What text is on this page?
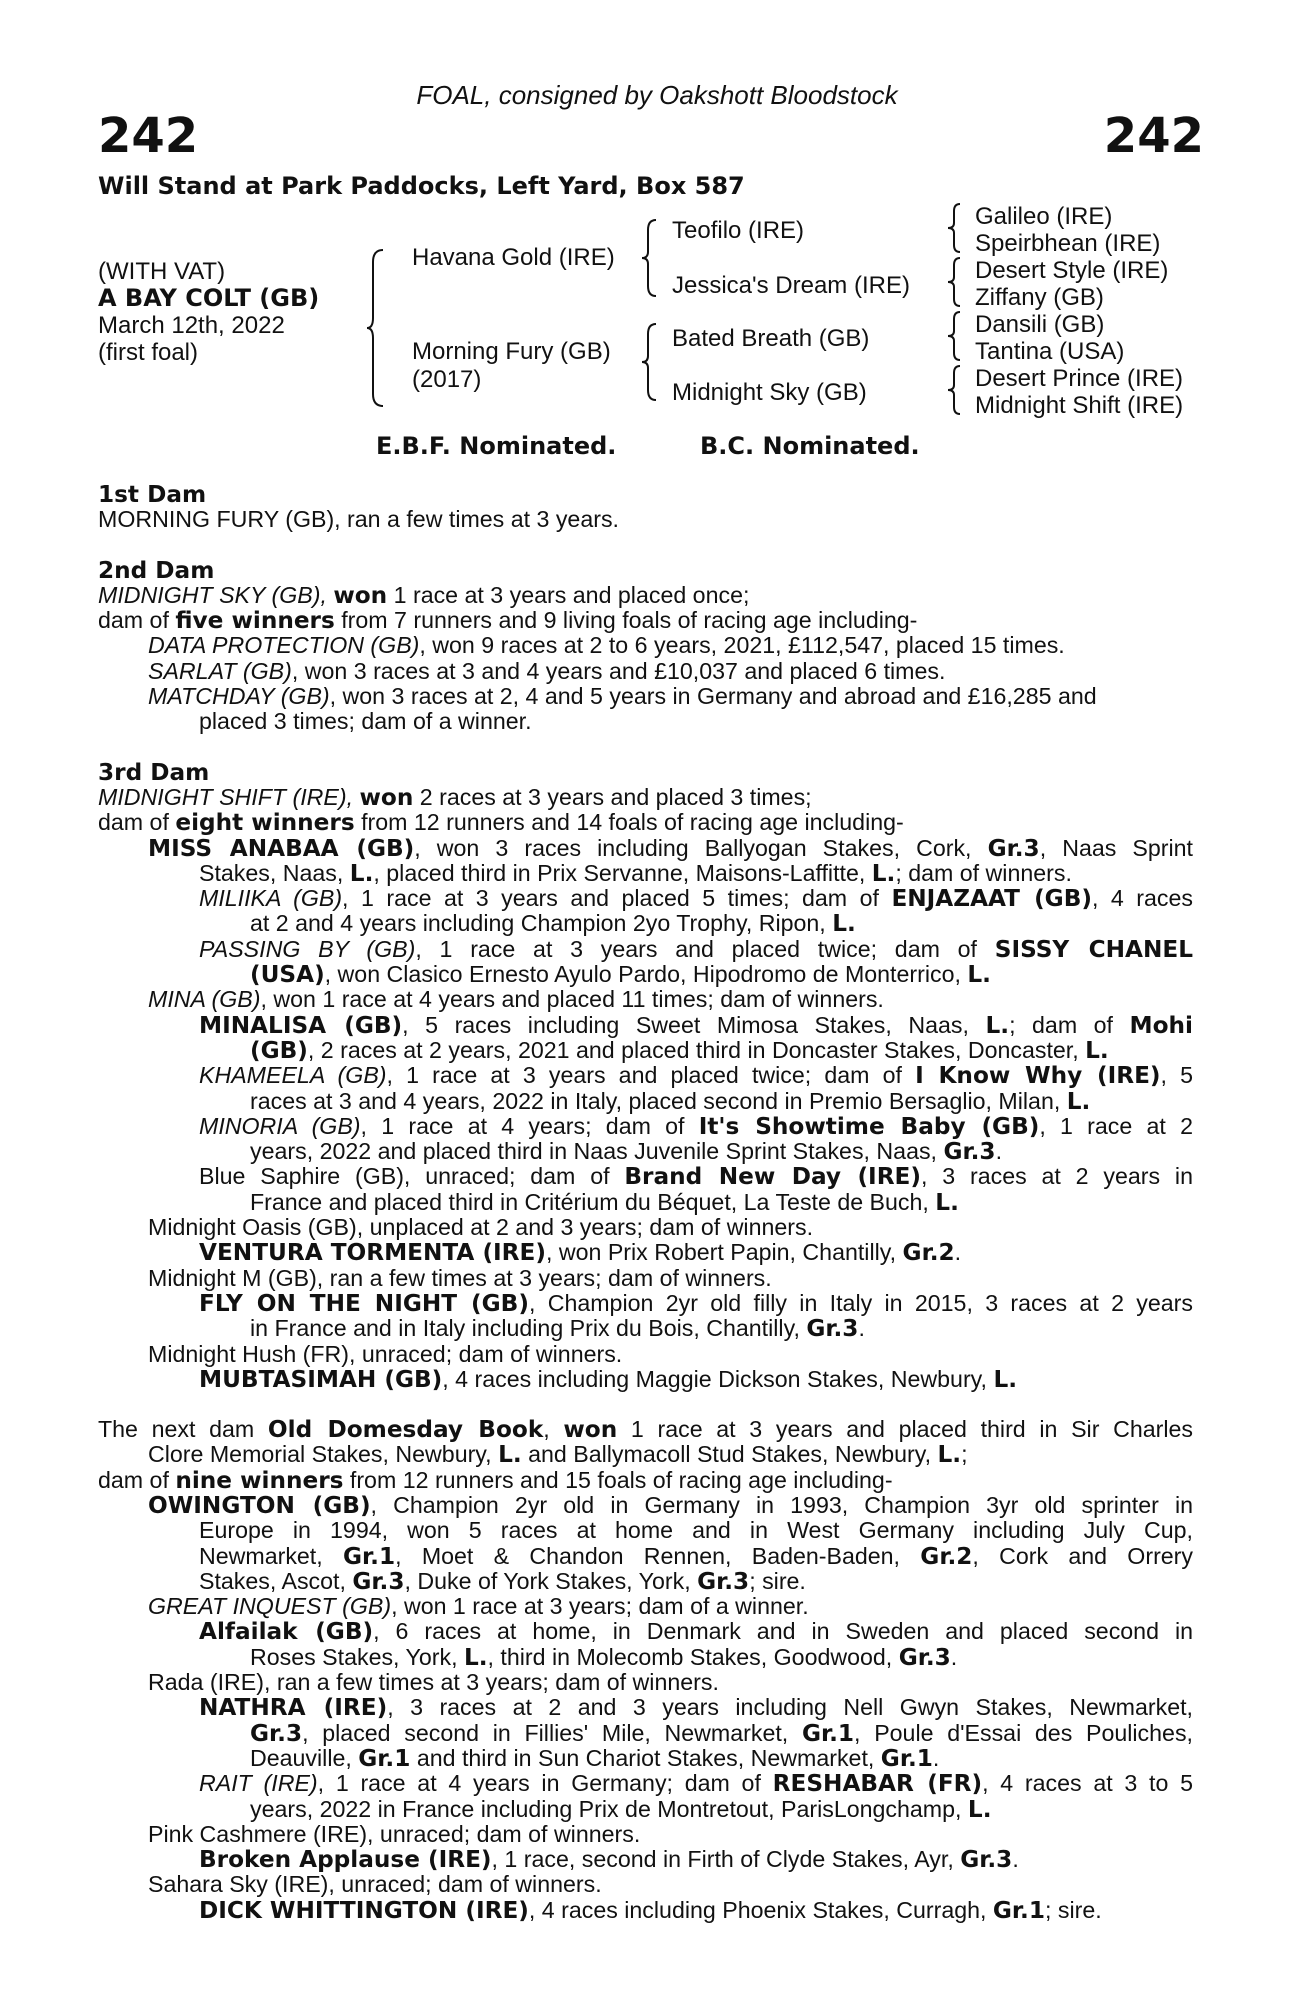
FOAL, consigned by Oakshott Bloodstock
242	242
Will Stand at Park Paddocks, Left Yard, Box 587
(WITH VAT)
A BAY COLT (GB)
March 12th, 2022
(first foal)
Havana Gold (IRE)
Morning Fury (GB)
(2017)
Teofilo (IRE)
Jessica's Dream (IRE)
Bated Breath (GB)
Midnight Sky (GB)
Galileo (IRE)
Speirbhean (IRE)
Desert Style (IRE)
Ziffany (GB)
Dansili (GB)
Tantina (USA)
Desert Prince (IRE)
Midnight Shift (IRE)
E.B.F. Nominated.	B.C. Nominated.
1st Dam
MORNING FURY (GB), ran a few times at 3 years.
2nd Dam
MIDNIGHT SKY (GB), won 1 race at 3 years and placed once;
dam of five winners from 7 runners and 9 living foals of racing age including-
DATA PROTECTION (GB), won 9 races at 2 to 6 years, 2021, £112,547, placed 15 times.
SARLAT (GB), won 3 races at 3 and 4 years and £10,037 and placed 6 times.
MATCHDAY (GB), won 3 races at 2, 4 and 5 years in Germany and abroad and £16,285 and
placed 3 times; dam of a winner.
3rd Dam
MIDNIGHT SHIFT (IRE), won 2 races at 3 years and placed 3 times;
dam of eight winners from 12 runners and 14 foals of racing age including-
MISS ANABAA (GB), won 3 races including Ballyogan Stakes, Cork, Gr.3, Naas Sprint
Stakes, Naas, L., placed third in Prix Servanne, Maisons-Laffitte, L.; dam of winners.
MILIIKA (GB), 1 race at 3 years and placed 5 times; dam of ENJAZAAT (GB), 4 races
at 2 and 4 years including Champion 2yo Trophy, Ripon, L.
PASSING BY (GB), 1 race at 3 years and placed twice; dam of SISSY CHANEL
(USA), won Clasico Ernesto Ayulo Pardo, Hipodromo de Monterrico, L.
MINA (GB), won 1 race at 4 years and placed 11 times; dam of winners.
MINALISA (GB), 5 races including Sweet Mimosa Stakes, Naas, L.; dam of Mohi
(GB), 2 races at 2 years, 2021 and placed third in Doncaster Stakes, Doncaster, L.
KHAMEELA (GB), 1 race at 3 years and placed twice; dam of I Know Why (IRE), 5
races at 3 and 4 years, 2022 in Italy, placed second in Premio Bersaglio, Milan, L.
MINORIA (GB), 1 race at 4 years; dam of It's Showtime Baby (GB), 1 race at 2
years, 2022 and placed third in Naas Juvenile Sprint Stakes, Naas, Gr.3.
Blue Saphire (GB), unraced; dam of Brand New Day (IRE), 3 races at 2 years in
France and placed third in Critérium du Béquet, La Teste de Buch, L.
Midnight Oasis (GB), unplaced at 2 and 3 years; dam of winners.
VENTURA TORMENTA (IRE), won Prix Robert Papin, Chantilly, Gr.2.
Midnight M (GB), ran a few times at 3 years; dam of winners.
FLY ON THE NIGHT (GB), Champion 2yr old filly in Italy in 2015, 3 races at 2 years
in France and in Italy including Prix du Bois, Chantilly, Gr.3.
Midnight Hush (FR), unraced; dam of winners.
MUBTASIMAH (GB), 4 races including Maggie Dickson Stakes, Newbury, L.
The next dam Old Domesday Book, won 1 race at 3 years and placed third in Sir Charles
Clore Memorial Stakes, Newbury, L. and Ballymacoll Stud Stakes, Newbury, L.;
dam of nine winners from 12 runners and 15 foals of racing age including-
OWINGTON (GB), Champion 2yr old in Germany in 1993, Champion 3yr old sprinter in
Europe in 1994, won 5 races at home and in West Germany including July Cup,
Newmarket, Gr.1, Moet & Chandon Rennen, Baden-Baden, Gr.2, Cork and Orrery
Stakes, Ascot, Gr.3, Duke of York Stakes, York, Gr.3; sire.
GREAT INQUEST (GB), won 1 race at 3 years; dam of a winner.
Alfailak (GB), 6 races at home, in Denmark and in Sweden and placed second in
Roses Stakes, York, L., third in Molecomb Stakes, Goodwood, Gr.3.
Rada (IRE), ran a few times at 3 years; dam of winners.
NATHRA (IRE), 3 races at 2 and 3 years including Nell Gwyn Stakes, Newmarket,
Gr.3, placed second in Fillies' Mile, Newmarket, Gr.1, Poule d'Essai des Pouliches,
Deauville, Gr.1 and third in Sun Chariot Stakes, Newmarket, Gr.1.
RAIT (IRE), 1 race at 4 years in Germany; dam of RESHABAR (FR), 4 races at 3 to 5
years, 2022 in France including Prix de Montretout, ParisLongchamp, L.
Pink Cashmere (IRE), unraced; dam of winners.
Broken Applause (IRE), 1 race, second in Firth of Clyde Stakes, Ayr, Gr.3.
Sahara Sky (IRE), unraced; dam of winners.
DICK WHITTINGTON (IRE), 4 races including Phoenix Stakes, Curragh, Gr.1; sire.
